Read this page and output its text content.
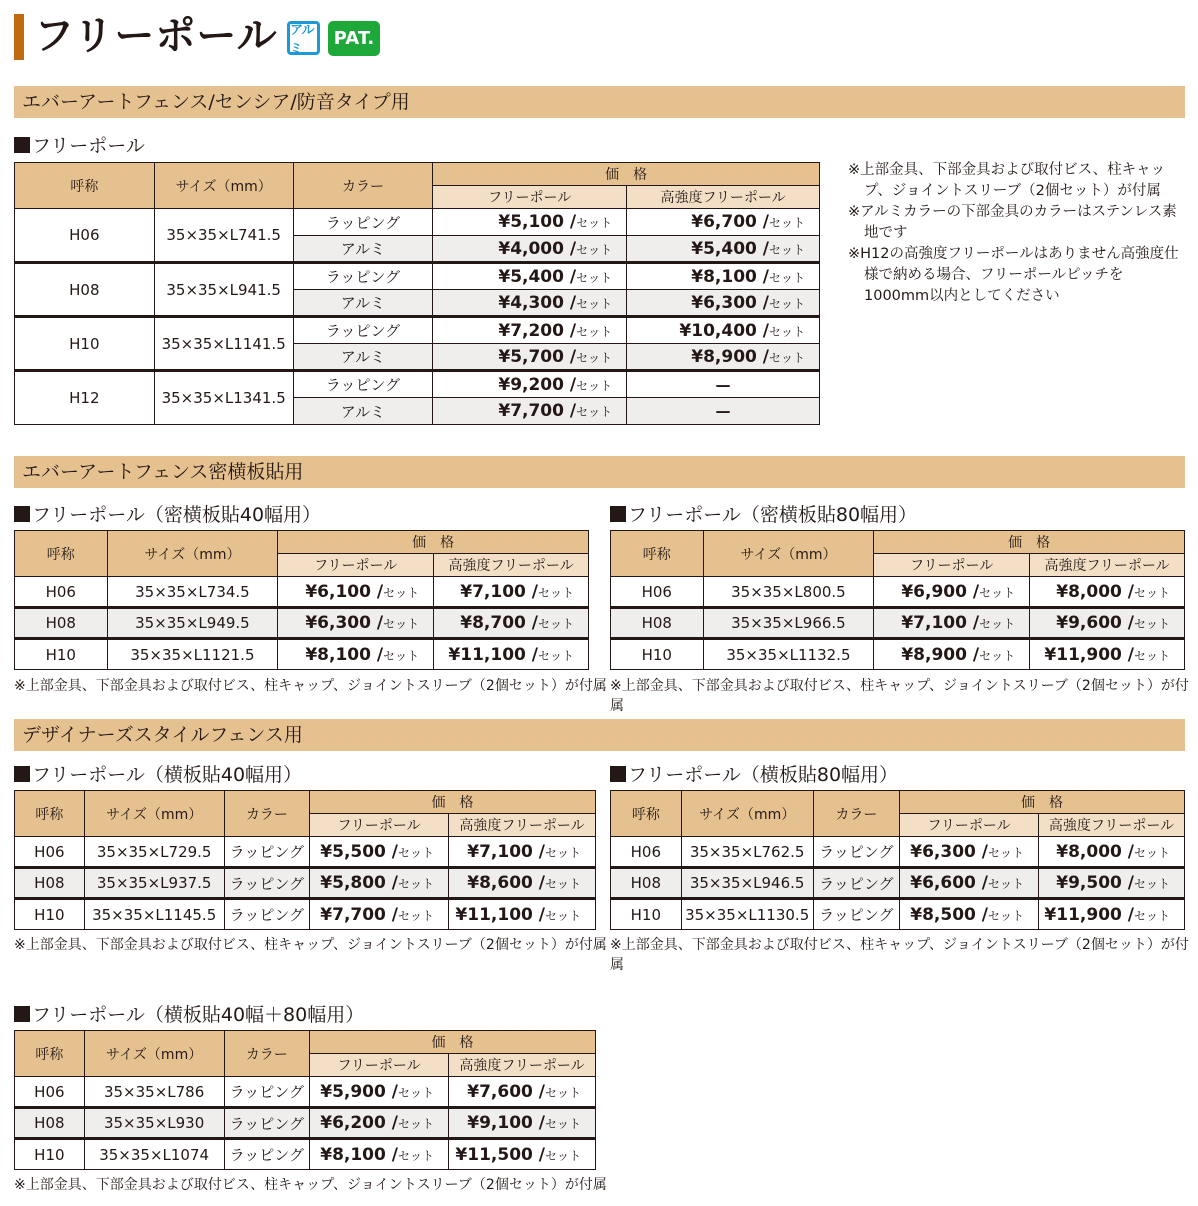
フリーポール アルミ
PAT.
エバーアートフェンス/センシア/防音タイプ用
フリーポール
呼称	サイズ（mm）	カラー	価　格	
			フリーポール	高強度フリーポール
H06	35×35×L741.5	ラッピング	¥5,100 /セット	¥6,700 /セット
		アルミ	¥4,000 /セット	¥5,400 /セット
H08	35×35×L941.5	ラッピング	¥5,400 /セット	¥8,100 /セット
		アルミ	¥4,300 /セット	¥6,300 /セット
H10	35×35×L1141.5	ラッピング	¥7,200 /セット	¥10,400 /セット
		アルミ	¥5,700 /セット	¥8,900 /セット
H12	35×35×L1341.5	ラッピング	¥9,200 /セット	—
		アルミ	¥7,700 /セット	—

※上部金具、下部金具および取付ビス、柱キャップ、ジョイントスリーブ（2個セット）が付属

※アルミカラーの下部金具のカラーはステンレス素地です

※H12の高強度フリーポールはありません高強度仕様で納める場合、フリーポールピッチを1000mm以内としてください

エバーアートフェンス密横板貼用
フリーポール（密横板貼40幅用）
呼称	サイズ（mm）	価　格	
		フリーポール	高強度フリーポール
H06	35×35×L734.5	¥6,100 /セット	¥7,100 /セット
H08	35×35×L949.5	¥6,300 /セット	¥8,700 /セット
H10	35×35×L1121.5	¥8,100 /セット	¥11,100 /セット
※上部金具、下部金具および取付ビス、柱キャップ、ジョイントスリーブ（2個セット）が付属
フリーポール（密横板貼80幅用）
呼称	サイズ（mm）	価　格	
		フリーポール	高強度フリーポール
H06	35×35×L800.5	¥6,900 /セット	¥8,000 /セット
H08	35×35×L966.5	¥7,100 /セット	¥9,600 /セット
H10	35×35×L1132.5	¥8,900 /セット	¥11,900 /セット
※上部金具、下部金具および取付ビス、柱キャップ、ジョイントスリーブ（2個セット）が付属
デザイナーズスタイルフェンス用
フリーポール（横板貼40幅用）
呼称	サイズ（mm）	カラー	価　格	
			フリーポール	高強度フリーポール
H06	35×35×L729.5	ラッピング	¥5,500 /セット	¥7,100 /セット
H08	35×35×L937.5	ラッピング	¥5,800 /セット	¥8,600 /セット
H10	35×35×L1145.5	ラッピング	¥7,700 /セット	¥11,100 /セット
※上部金具、下部金具および取付ビス、柱キャップ、ジョイントスリーブ（2個セット）が付属
フリーポール（横板貼80幅用）
呼称	サイズ（mm）	カラー	価　格	
			フリーポール	高強度フリーポール
H06	35×35×L762.5	ラッピング	¥6,300 /セット	¥8,000 /セット
H08	35×35×L946.5	ラッピング	¥6,600 /セット	¥9,500 /セット
H10	35×35×L1130.5	ラッピング	¥8,500 /セット	¥11,900 /セット
※上部金具、下部金具および取付ビス、柱キャップ、ジョイントスリーブ（2個セット）が付属
フリーポール（横板貼40幅＋80幅用）
呼称	サイズ（mm）	カラー	価　格	
			フリーポール	高強度フリーポール
H06	35×35×L786	ラッピング	¥5,900 /セット	¥7,600 /セット
H08	35×35×L930	ラッピング	¥6,200 /セット	¥9,100 /セット
H10	35×35×L1074	ラッピング	¥8,100 /セット	¥11,500 /セット
※上部金具、下部金具および取付ビス、柱キャップ、ジョイントスリーブ（2個セット）が付属
